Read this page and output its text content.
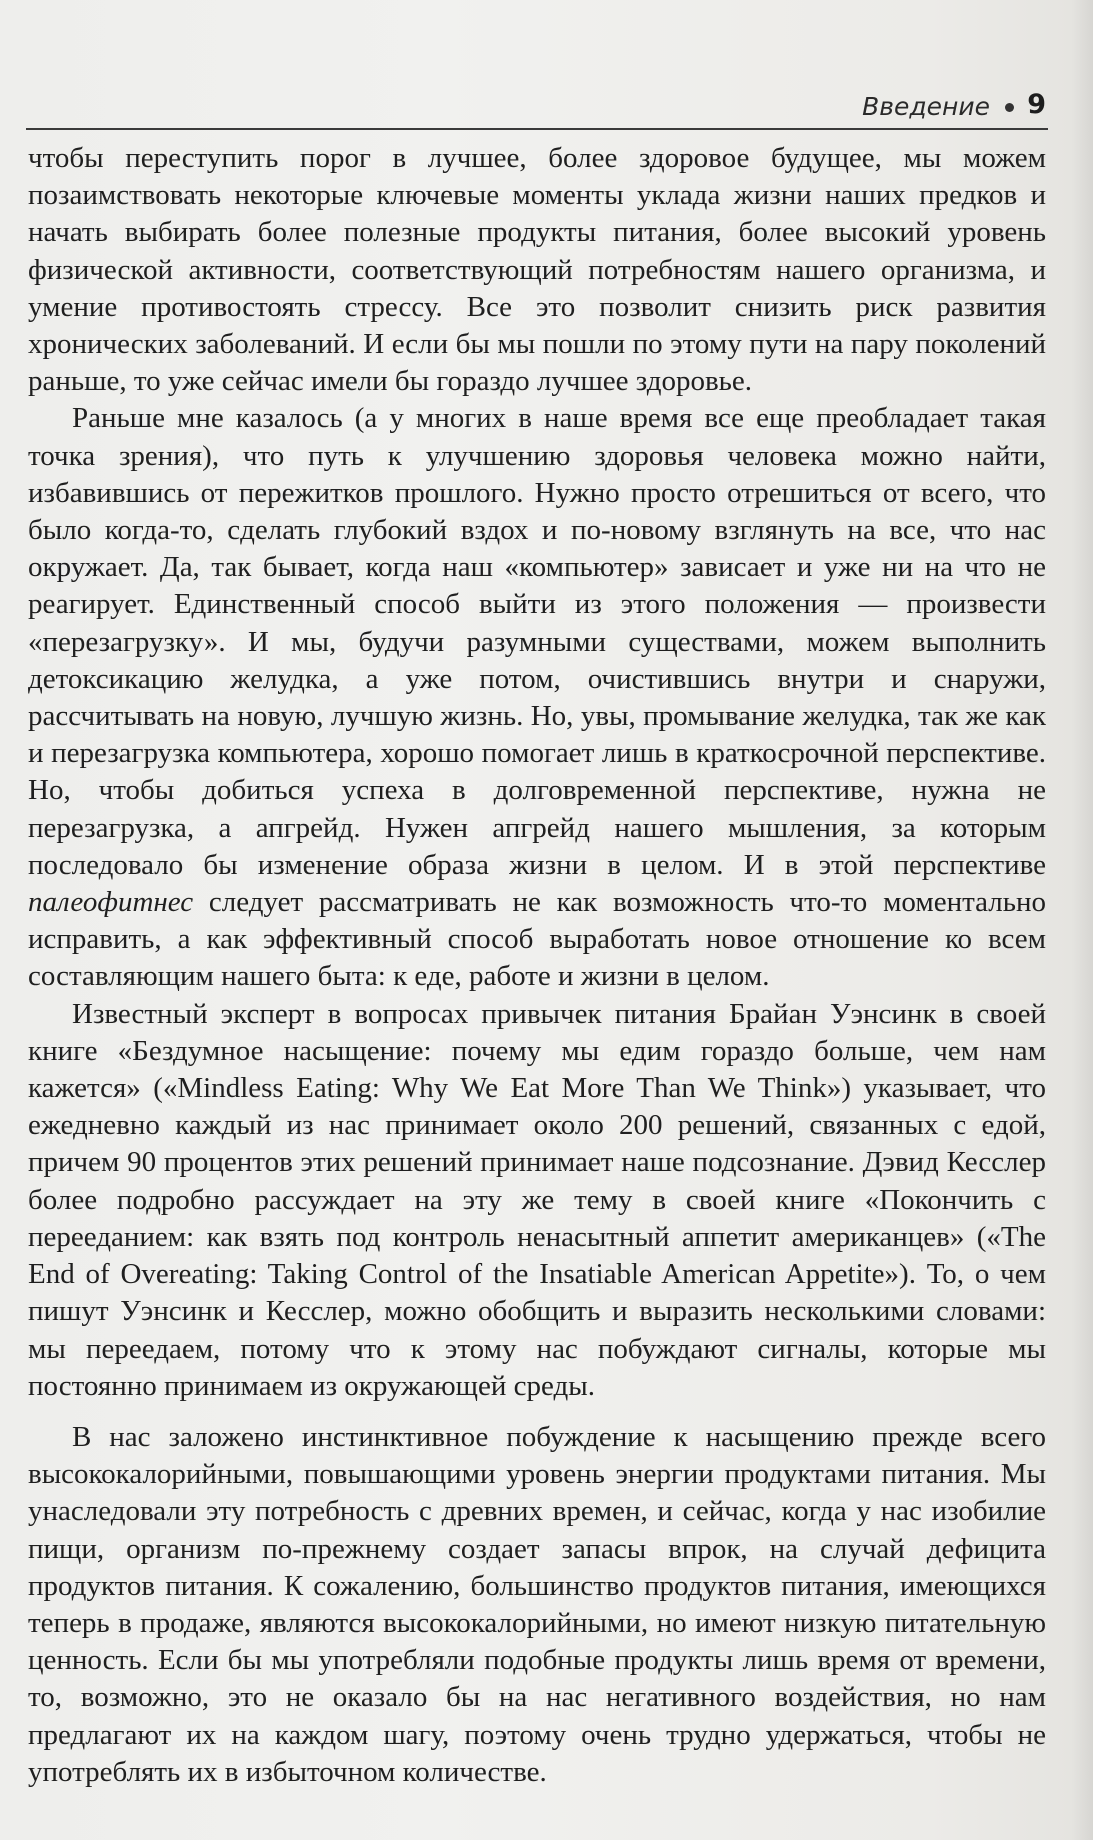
Введение 9

чтобы переступить порог в лучшее, более здоровое будущее, мы можем позаимствовать некоторые ключевые моменты уклада жизни наших предков и начать выбирать более полезные продукты питания, более высокий уровень физической активности, соответствующий потребностям нашего организма, и умение противостоять стрессу. Все это позволит снизить риск развития хронических заболеваний. И если бы мы пошли по этому пути на пару поколений раньше, то уже сейчас имели бы гораздо лучшее здоровье.

Раньше мне казалось (а у многих в наше время все еще преобладает такая точка зрения), что путь к улучшению здоровья человека можно найти, избавившись от пережитков прошлого. Нужно просто отрешиться от всего, что было когда-то, сделать глубокий вздох и по-новому взглянуть на все, что нас окружает. Да, так бывает, когда наш «компьютер» зависает и уже ни на что не реагирует. Единственный способ выйти из этого положения — произвести «перезагрузку». И мы, будучи разумными существами, можем выполнить детоксикацию желудка, а уже потом, очистившись внутри и снаружи, рассчитывать на новую, лучшую жизнь. Но, увы, промывание желудка, так же как и перезагрузка компьютера, хорошо помогает лишь в краткосрочной перспективе. Но, чтобы добиться успеха в долговременной перспективе, нужна не перезагрузка, а апгрейд. Нужен апгрейд нашего мышления, за которым последовало бы изменение образа жизни в целом. И в этой перспективе палеофитнес следует рассматривать не как возможность что-то моментально исправить, а как эффективный способ выработать новое отношение ко всем составляющим нашего быта: к еде, работе и жизни в целом.

Известный эксперт в вопросах привычек питания Брайан Уэнсинк в своей книге «Бездумное насыщение: почему мы едим гораздо больше, чем нам кажется» («Mindless Eating: Why We Eat More Than We Think») указывает, что ежедневно каждый из нас принимает около 200 решений, связанных с едой, причем 90 процентов этих решений принимает наше подсознание. Дэвид Кесслер более подробно рассуждает на эту же тему в своей книге «Покончить с перееданием: как взять под контроль ненасытный аппетит американцев» («The End of Overeating: Taking Control of the Insatiable American Appetite»). То, о чем пишут Уэнсинк и Кесслер, можно обобщить и выразить несколькими словами: мы переедаем, потому что к этому нас побуждают сигналы, которые мы постоянно принимаем из окружающей среды.

В нас заложено инстинктивное побуждение к насыщению прежде всего высококалорийными, повышающими уровень энергии продуктами питания. Мы унаследовали эту потребность с древних времен, и сейчас, когда у нас изобилие пищи, организм по-прежнему создает запасы впрок, на случай дефицита продуктов питания. К сожалению, большинство продуктов питания, имеющихся теперь в продаже, являются высококалорийными, но имеют низкую питательную ценность. Если бы мы употребляли подобные продукты лишь время от времени, то, возможно, это не оказало бы на нас негативного воздействия, но нам предлагают их на каждом шагу, поэтому очень трудно удержаться, чтобы не употреблять их в избыточном количестве.
